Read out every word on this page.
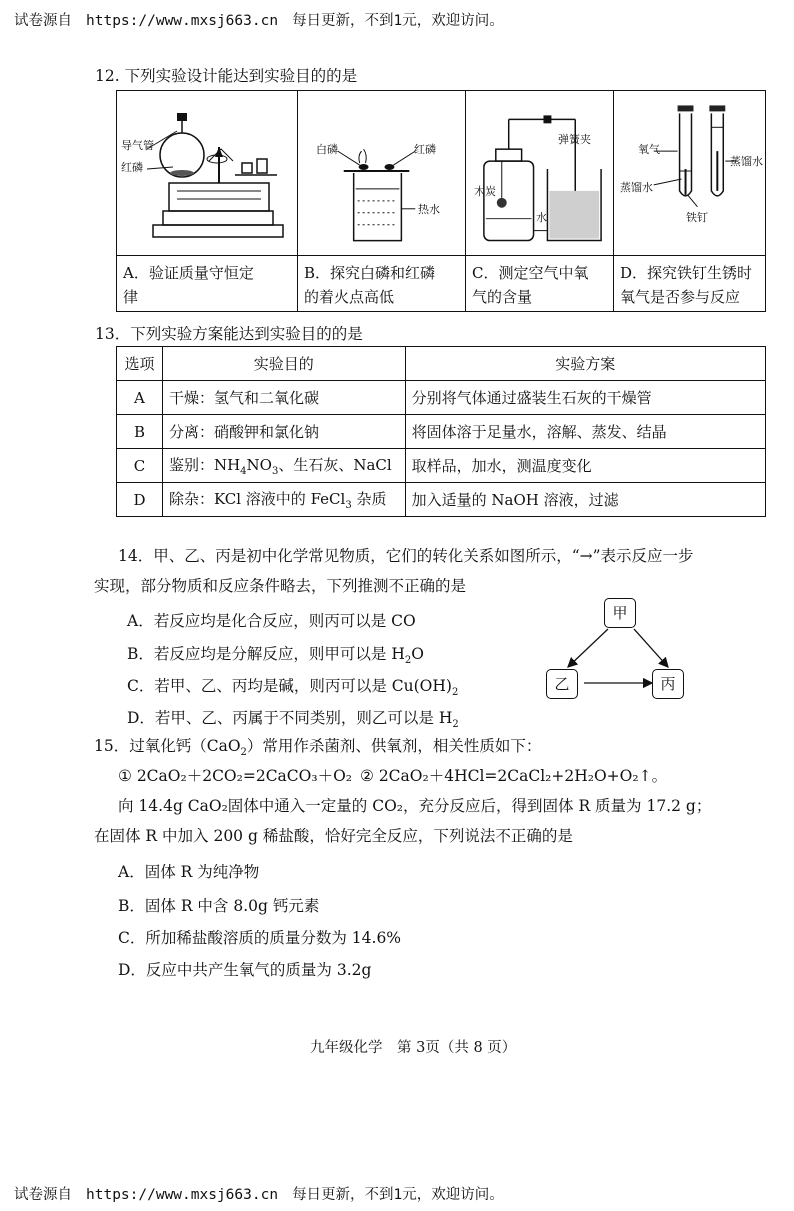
试卷源自 https://www.mxsj663.cn 每日更新，不到1元，欢迎访问。
12. 下列实验设计能达到实验目的的是
导气管
红磷
A．验证质量守恒定律
白磷	红磷
热水
B．探究白磷和红磷
的着火点高低
弹簧夹
木炭
水
C．测定空气中氧
气的含量
氧气
蒸馏水
蒸馏水
铁钉
D．探究铁钉生锈时
氧气是否参与反应
13．下列实验方案能达到实验目的的是
选项	实验目的	实验方案
A	干燥：氢气和二氧化碳	分别将气体通过盛装生石灰的干燥管
B	分离：硝酸钾和氯化钠	将固体溶于足量水，溶解、蒸发、结晶
C	鉴别：$NH_4NO_3$、生石灰、NaCl	取样品，加水，测温度变化
D	除杂：KCl 溶液中的 FeCl$_3$ 杂质	加入适量的 NaOH 溶液，过滤
14．甲、乙、丙是初中化学常见物质，它们的转化关系如图所示，“→”表示反应一步
实现，部分物质和反应条件略去，下列推测不正确的是
A．若反应均是化合反应，则丙可以是 CO
B．若反应均是分解反应，则甲可以是 $H_2O$
C．若甲、乙、丙均是碱，则丙可以是 $Cu(OH)_2$
D．若甲、乙、丙属于不同类别，则乙可以是 $H_2$
甲
乙	丙
15．过氧化钙（CaO$_2$）常用作杀菌剂、供氧剂，相关性质如下：
① 2CaO₂＋2CO₂=2CaCO₃＋O₂ ② 2CaO₂＋4HCl=2CaCl₂+2H₂O+O₂↑。
向 14.4g CaO₂固体中通入一定量的 CO₂，充分反应后，得到固体 R 质量为 17.2 g；
在固体 R 中加入 200 g 稀盐酸，恰好完全反应，下列说法不正确的是
A．固体 R 为纯净物
B．固体 R 中含 8.0g 钙元素
C．所加稀盐酸溶质的质量分数为 14.6%
D．反应中共产生氧气的质量为 3.2g
九年级化学　第 3页（共 8 页）
试卷源自 https://www.mxsj663.cn 每日更新，不到1元，欢迎访问。
